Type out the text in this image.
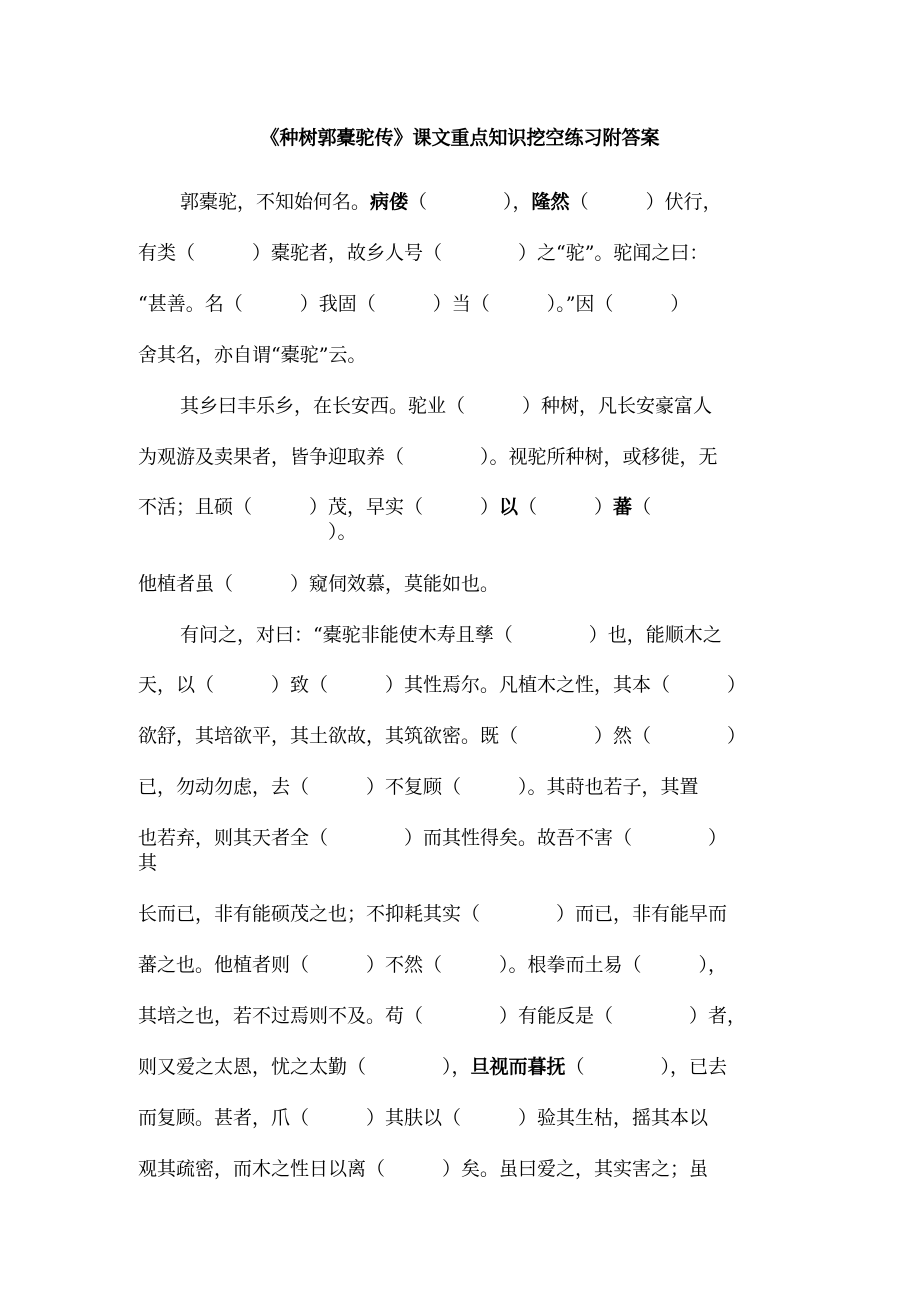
《种树郭橐驼传》课文重点知识挖空练习附答案

郭橐驼，不知始何名。病偻（　　　　），隆然（　　　）伏行，

有类（　　　）橐驼者，故乡人号（　　　　）之“驼”。驼闻之曰：

“甚善。名（　　　）我固（　　　）当（　　　）。”因（　　　）

舍其名，亦自谓“橐驼”云。

其乡曰丰乐乡，在长安西。驼业（　　　）种树，凡长安豪富人

为观游及卖果者，皆争迎取养（　　　　）。视驼所种树，或移徙，无

不活；且硕（　　　）茂，早实（　　　）以（　　　）蕃（

　　　　　　　　　　）。

他植者虽（　　　）窥伺效慕，莫能如也。

有问之，对曰：“橐驼非能使木寿且孳（　　　　）也，能顺木之

天，以（　　　）致（　　　）其性焉尔。凡植木之性，其本（　　　）

欲舒，其培欲平，其土欲故，其筑欲密。既（　　　　）然（　　　　）

已，勿动勿虑，去（　　　）不复顾（　　　）。其莳也若子，其置

也若弃，则其天者全（　　　　）而其性得矣。故吾不害（　　　　）

其

长而已，非有能硕茂之也；不抑耗其实（　　　　）而已，非有能早而

蕃之也。他植者则（　　　）不然（　　　）。根拳而土易（　　　），

其培之也，若不过焉则不及。苟（　　　　）有能反是（　　　　）者，

则又爱之太恩，忧之太勤（　　　　），旦视而暮抚（　　　　），已去

而复顾。甚者，爪（　　　）其肤以（　　　）验其生枯，摇其本以

观其疏密，而木之性日以离（　　　）矣。虽曰爱之，其实害之；虽
